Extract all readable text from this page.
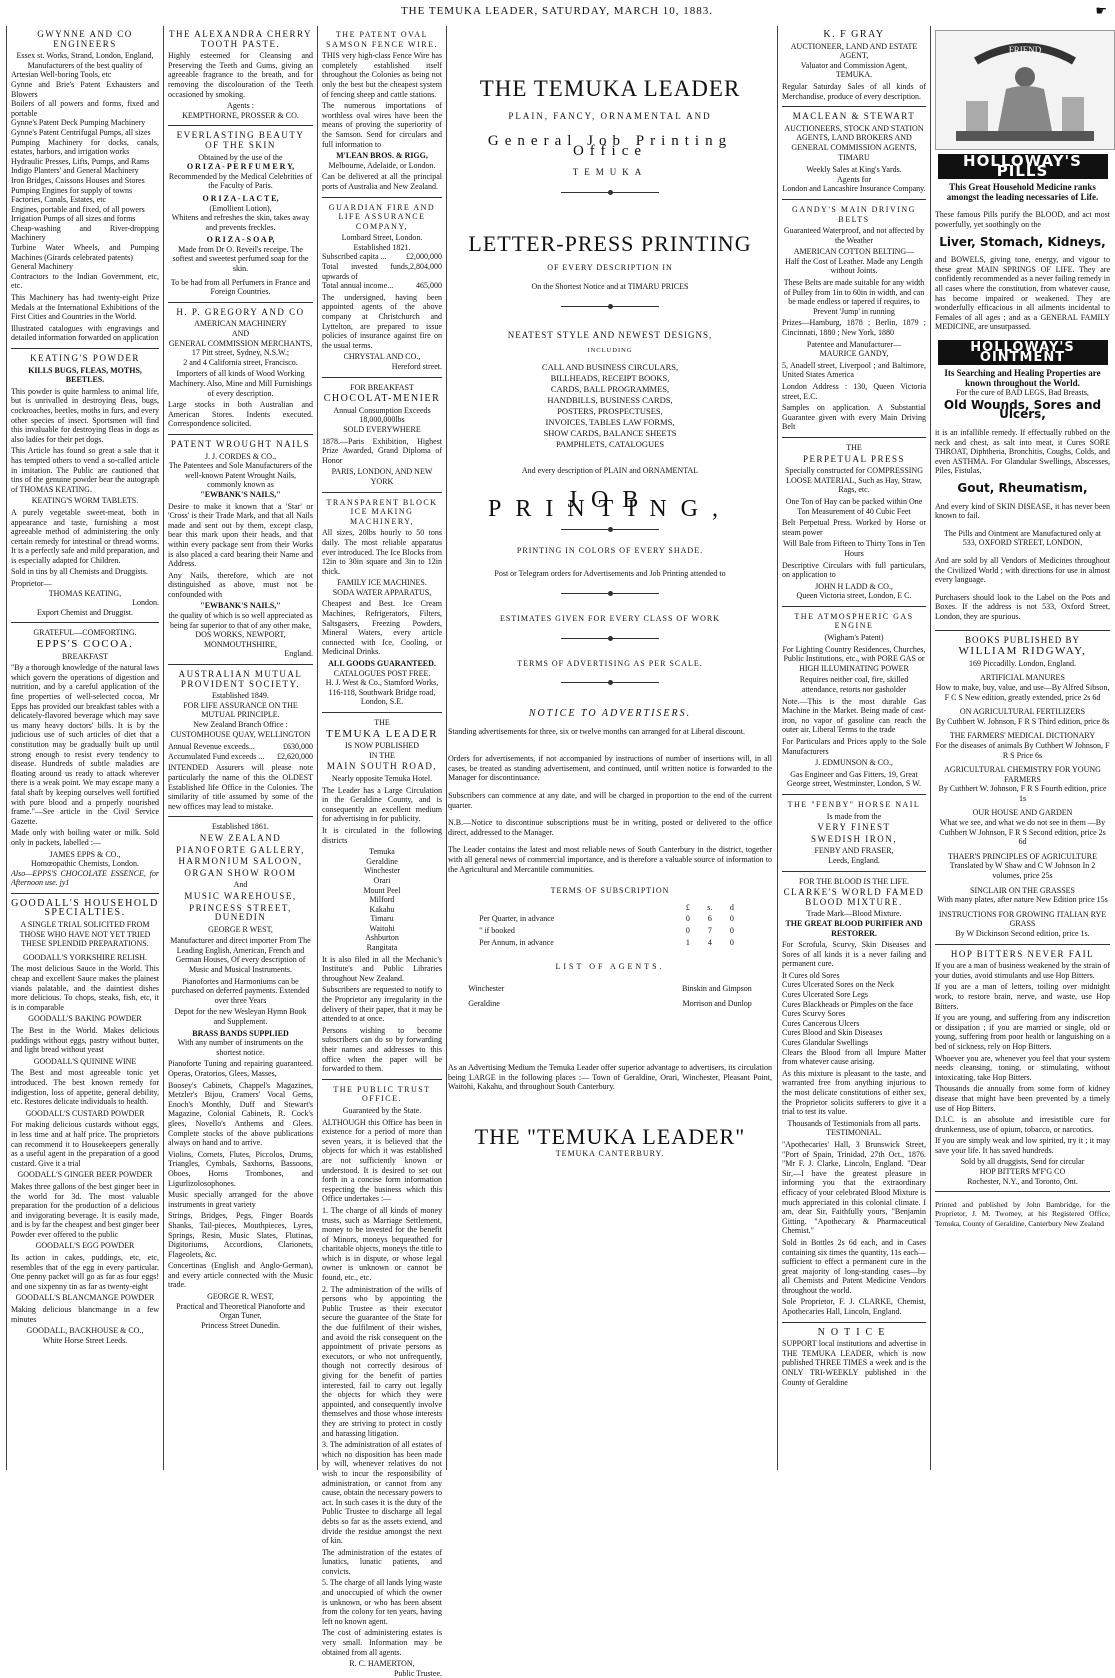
THE TEMUKA LEADER, SATURDAY, MARCH 10, 1883.	☛
GWYNNE AND CO ENGINEERS
Essex st. Works, Strand, London, England,
Manufacturers of the best quality of
Artesian Well-boring Tools, etc
Gynne and Brie's Patent Exhausters and Blowers
Boilers of all powers and forms, fixed and portable
Gynne's Patent Deck Pumping Machinery
Gynne's Patent Centrifugal Pumps, all sizes
Pumping Machinery for docks, canals, estates, harbors, and irrigation works
Hydraulic Presses, Lifts, Pumps, and Rams
Indigo Planters' and General Machinery
Iron Bridges, Caissons Houses and Stores
Pumping Engines for supply of towns
Factories, Canals, Estates, etc
Engines, portable and fixed, of all powers
Irrigation Pumps of all sizes and forms
Cheap-washing and River-dropping Machinery
Turbine Water Wheels, and Pumping Machines (Girards celebrated patents)
General Machinery
Contractors to the Indian Government, etc, etc.

This Machinery has had twenty-eight Prize Medals at the International Exhibitions of the First Cities and Countries in the World.

Illustrated catalogues with engravings and detailed information forwarded on application

KEATING'S POWDER
KILLS BUGS, FLEAS, MOTHS, BEETLES.

This powder is quite harmless to animal life, but is unrivalled in destroying fleas, bugs, cockroaches, beetles, moths in furs, and every other species of insect. Sportsmen will find this invaluable for destroying fleas in dogs as also ladies for their pet dogs.

This Article has found so great a sale that it has tempted others to vend a so-called article in imitation. The Public are cautioned that tins of the genuine powder bear the autograph of THOMAS KEATING.

KEATING'S WORM TABLETS.

A purely vegetable sweet-meat, both in appearance and taste, furnishing a most agreeable method of administering the only certain remedy for intestinal or thread worms. It is a perfectly safe and mild preparation, and is especially adapted for Children.

Sold in tins by all Chemists and Druggists.

Proprietor—
THOMAS KEATING,
London.
Export Chemist and Druggist.
GRATEFUL—COMFORTING.
EPPS'S COCOA.
BREAKFAST

"By a thorough knowledge of the natural laws which govern the operations of digestion and nutrition, and by a careful application of the fine properties of well-selected cocoa, Mr Epps has provided our breakfast tables with a delicately-flavored beverage which may save us many heavy doctors' bills. It is by the judicious use of such articles of diet that a constitution may be gradually built up until strong enough to resist every tendency to disease. Hundreds of subtle maladies are floating around us ready to attack wherever there is a weak point. We may escape many a fatal shaft by keeping ourselves well fortified with pure blood and a properly nourished frame."—See article in the Civil Service Gazette.

Made only with boiling water or milk. Sold only in packets, labelled :—

JAMES EPPS & CO.,
Homœopathic Chemists, London.
Also—EPPS'S CHOCOLATE ESSENCE, for Afternoon use. jy1
GOODALL'S HOUSEHOLD SPECIALTIES.
A SINGLE TRIAL SOLICITED FROM THOSE WHO HAVE NOT YET TRIED THESE SPLENDID PREPARATIONS.
GOODALL'S YORKSHIRE RELISH.

The most delicious Sauce in the World. This cheap and excellent Sauce makes the plainest viands palatable, and the daintiest dishes more delicious. To chops, steaks, fish, etc, it is in comparable

GOODALL'S BAKING POWDER

The Best in the World. Makes delicious puddings without eggs, pastry without butter, and light bread without yeast

GOODALL'S QUININE WINE

The Best and most agreeable tonic yet introduced. The best known remedy for indigestion, loss of appetite, general debility, etc. Restores delicate individuals to health.

GOODALL'S CUSTARD POWDER

For making delicious custards without eggs, in less time and at half price. The proprietors can recommend it to Housekeepers generally as a useful agent in the preparation of a good custard. Give it a trial

GOODALL'S GINGER BEER POWDER

Makes three gallons of the best ginger beer in the world for 3d. The most valuable preparation for the production of a delicious and invigorating beverage. It is easily made, and is by far the cheapest and best ginger beer Powder ever offered to the public

GOODALL'S EGG POWDER

Its action in cakes, puddings, etc, etc, resembles that of the egg in every particular. One penny packet will go as far as four eggs! and one sixpenny tin as far as twenty-eight

GOODALL'S BLANCMANGE POWDER

Making delicious blancmange in a few minutes

GOODALL, BACKHOUSE & CO.,
White Horse Street Leeds.
THE ALEXANDRA CHERRY TOOTH PASTE.

Highly esteemed for Cleansing and Preserving the Teeth and Gums, giving an agreeable fragrance to the breath, and for removing the discolouration of the Teeth occasioned by smoking.

Agents :
KEMPTHORNE, PROSSER & CO.
EVERLASTING BEAUTY OF THE SKIN
Obtained by the use of the
O R I Z A - P E R F U M E R Y,
Recommended by the Medical Celebrities of the Faculty of Paris.
O R I Z A - L A C T E,
(Emollient Lotion),
Whitens and refreshes the skin, takes away and prevents freckles.
O R I Z A - S O A P,
Made from Dr O. Reveil's receipe. The softest and sweetest perfumed soap for the skin.
To be had from all Perfumers in France and Foreign Countries.
H. P. GREGORY AND CO
AMERICAN MACHINERY
AND
GENERAL COMMISSION MERCHANTS,
17 Pitt street, Sydney, N.S.W.;
2 and 4 California street, Francisco.

Importers of all kinds of Wood Working Machinery. Also, Mine and Mill Furnishings of every description.

Large stocks in both Australian and American Stores. Indents executed. Correspondence solicited.

PATENT WROUGHT NAILS
J. J. CORDES & CO.,
The Patentees and Sole Manufacturers of the well-known Patent Wrought Nails, commonly known as
"EWBANK'S NAILS,"

Desire to make it known that a 'Star' or 'Cross' is their Trade Mark, and that all Nails made and sent out by them, except clasp, bear this mark upon their heads, and that within every package sent from their Works is also placed a card bearing their Name and Address.

Any Nails, therefore, which are not distinguished as above, must not be confounded with

"EWBANK'S NAILS,"
the quality of which is so well appreciated as being far superior to that of any other make,
DOS WORKS, NEWPORT,
MONMOUTHSHIRE,
England.
AUSTRALIAN MUTUAL PROVIDENT SOCIETY.
Established 1849.
FOR LIFE ASSURANCE ON THE MUTUAL PRINCIPLE.
New Zealand Branch Office :
CUSTOMHOUSE QUAY, WELLINGTON
Annual Revenue exceeds...	£630,000
Accumulated Fund exceeds ... £2,620,000

INTENDED Assurers will please note particularly the name of this the OLDEST Established life Office in the Colonies. The similarity of title assumed by some of the new offices may lead to mistake.

Established 1861.
NEW ZEALAND
PIANOFORTE GALLERY,
HARMONIUM SALOON,
ORGAN SHOW ROOM
And
MUSIC WAREHOUSE,
PRINCESS STREET, DUNEDIN
GEORGE R WEST,

Manufacturer and direct importer From The Leading English, American, French and German Houses, Of every description of Music and Musical Instruments.

Pianofortes and Harmoniums can be purchased on deferred payments. Extended over three Years

Depot for the new Wesleyan Hymn Book and Supplement.

BRASS BANDS SUPPLIED
With any number of instruments on the shortest notice.

Pianoforte Tuning and repairing guaranteed. Operas, Oratorios, Glees, Masses,

Boosey's Cabinets, Chappel's Magazines, Metzler's Bijou, Cramers' Vocal Gems, Enoch's Monthly, Duff and Stewart's Magazine, Colonial Cabinets, R. Cock's glees, Novello's Anthems and Glees. Complete stocks of the above publications always on hand and to arrive.

Violins, Cornets, Flutes, Piccolos, Drums, Triangles, Cymbals, Saxhorns, Bassoons, Oboes, Horns Trombones, and Ligurlizolosophones.

Music specially arranged for the above instruments in great variety

Strings, Bridges, Pegs, Finger Boards Shanks, Tail-pieces, Mouthpieces, Lyres, Springs, Resin, Music Slates, Flutinas, Digitoriums, Accordions, Clarionets, Flageolets, &c.

Concertinas (English and Anglo-German), and every article connected with the Music trade.

GEORGE R. WEST,
Practical and Theoretical Pianoforte and Organ Tuner,
Princess Street Dunedin.
THE PATENT OVAL SAMSON FENCE WIRE.

THIS very high-class Fence Wire has completely established itself throughout the Colonies as being not only the best but the cheapest system of fencing sheep and cattle stations.

The numerous importations of worthless oval wires have been the means of proving the superiority of the Samson. Send for circulars and full information to

M'LEAN BROS. & RIGG,
Melbourne, Adelaide, or London.

Can be delivered at all the principal ports of Australia and New Zealand.

GUARDIAN FIRE AND LIFE ASSURANCE COMPANY,
Lombard Street, London.
Established 1821.
Subscribed capita ... £2,000,000
Total invested funds, upwards of
2,804,000
Total annual income...	465,000

The undersigned, having been appointed agents of the above company at Christchurch and Lyttelton, are prepared to issue policies of insurance against fire on the usual terms.

CHRYSTAL AND CO.,
Hereford street.
FOR BREAKFAST
CHOCOLAT-MENIER
Annual Consumption Exceeds 18,000,000lbs
SOLD EVERYWHERE

1878.—Paris Exhibition, Highest Prize Awarded, Grand Diploma of Honor

PARIS, LONDON, AND NEW YORK
TRANSPARENT BLOCK ICE MAKING MACHINERY,

All sizes, 20lbs hourly to 50 tons daily. The most reliable apparatus ever introduced. The Ice Blocks from 12in to 30in square and 3in to 12in thick.

FAMILY ICE MACHINES.
SODA WATER APPARATUS,

Cheapest and Best. Ice Cream Machines, Refrigerators, Filters, Saltsgasers, Freezing Powders, Mineral Waters, every article connected with Ice, Cooling, or Medicinal Drinks.

ALL GOODS GUARANTEED.
CATALOGUES POST FREE.
H. J. West & Co., Stamford Works,
116-118, Southwark Bridge road, London, S.E.
THE
TEMUKA LEADER
IS NOW PUBLISHED
IN THE
MAIN SOUTH ROAD,
Nearly opposite Temuka Hotel.

The Leader has a Large Circulation in the Geraldine County, and is consequently an excellent medium for advertising in for publicity.

It is circulated in the following districts

Temuka
Geraldine
Winchester
Orari
Mount Peel
Milford
Kakahu
Timaru
Waitohi
Ashburton
Rangitata

It is also filed in all the Mechanic's Institute's and Public Libraries throughout New Zealand.

Subscribers are requested to notify to the Proprietor any irregularity in the delivery of their paper, that it may be attended to at once.

Persons wishing to become subscribers can do so by forwarding their names and addresses to this office when the paper will be forwarded to them.

THE PUBLIC TRUST OFFICE.
Guaranteed by the State.

ALTHOUGH this Office has been in existence for a period of more than seven years, it is believed that the objects for which it was established are not sufficiently known or understood. It is desired to set out forth in a concise form information respecting the business which this Office undertakes :—

1. The charge of all kinds of money trusts, such as Marriage Settlement, money to be invested for the benefit of Minors, moneys bequeathed for charitable objects, moneys the title to which is in dispute, or whose legal owner is unknown or cannot be found, etc., etc.

2. The administration of the wills of persons who by appointing the Public Trustee as their executor secure the guarantee of the State for the due fulfilment of their wishes, and avoid the risk consequent on the appointment of private persons as executors, or who not unfrequently, though not correctly desirous of giving for the benefit of parties interested, fail to carry out legally the objects for which they were appointed, and consequently involve themselves and those whose interests they are striving to protect in costly and harassing litigation.

3. The administration of all estates of which no disposition has been made by will, whenever relatives do not wish to incur the responsibility of administration, or cannot from any cause, obtain the necessary powers to act. In such cases it is the duty of the Public Trustee to discharge all legal debts so far as the assets extend, and divide the residue amongst the next of kin.

The administration of the estates of lunatics, lunatic patients, and convicts.

5. The charge of all lands lying waste and unoccupied of which the owner is unknown, or who has been absent from the colony for ten years, having left no known agent.

The cost of administering estates is very small. Information may be obtained from all agents.

R. C. HAMERTON,
Public Trustee.
THE TEMUKA LEADER
PLAIN, FANCY, ORNAMENTAL AND
General Job Printing Office
TEMUKA
LETTER-PRESS PRINTING
OF EVERY DESCRIPTION IN
On the Shortest Notice and at TIMARU PRICES
NEATEST STYLE AND NEWEST DESIGNS,
INCLUDING
CALL AND BUSINESS CIRCULARS,
BILLHEADS, RECEIPT BOOKS,
CARDS, BALL PROGRAMMES,
HANDBILLS, BUSINESS CARDS,
POSTERS, PROSPECTUSES,
INVOICES, TABLES LAW FORMS,
SHOW CARDS, BALANCE SHEETS
PAMPHLETS, CATALOGUES
And every description of PLAIN and ORNAMENTAL
JOB PRINTING,
PRINTING IN COLORS OF EVERY SHADE.
Post or Telegram orders for Advertisements and Job Printing attended to
ESTIMATES GIVEN FOR EVERY CLASS OF WORK
TERMS OF ADVERTISING AS PER SCALE.
NOTICE TO ADVERTISERS.

Standing advertisements for three, six or twelve months can arranged for at Liberal discount.

Orders for advertisements, if not accompanied by instructions of number of insertions will, in all cases, be treated as standing advertisement, and continued, until written notice is forwarded to the Manager for discontinuance.

Subscribers can commence at any date, and will be charged in proportion to the end of the current quarter.

N.B.—Notice to discontinue subscriptions must be in writing, posted or delivered to the office direct, addressed to the Manager.

The Leader contains the latest and most reliable news of South Canterbury in the district, together with all general news of commercial importance, and is therefore a valuable source of information to the Agricultural and Mercantile communities.

TERMS OF SUBSCRIPTION
	£	s.	d
Per Quarter, in advance	0	6	0
" if booked	0	7	0
Per Annum, in advance	1	4	0
LIST OF AGENTS.
Winchester	Binskin and Gimpson
Geraldine	Morrison and Dunlop

As an Advertising Medium the Temuka Leader offer superior advantage to advertisers, its circulation being LARGE in the following places :— Town of Geraldine, Orari, Winchester, Pleasant Point, Waitohi, Kakahu, and throughout South Canterbury.

THE "TEMUKA LEADER"
TEMUKA CANTERBURY.
K. F GRAY
AUCTIONEER, LAND AND ESTATE AGENT,
Valuator and Commission Agent, TEMUKA.

Regular Saturday Sales of all kinds of Merchandise, produce of every description.

MACLEAN & STEWART
AUCTIONEERS, STOCK AND STATION AGENTS, LAND BROKERS AND GENERAL COMMISSION AGENTS, TIMARU
Weekly Sales at King's Yards.
Agents for
London and Lancashire Insurance Company.
GANDY'S MAIN DRIVING BELTS

Guaranteed Waterproof, and not affected by the Weather

AMERICAN COTTON BELTING—
Half the Cost of Leather. Made any Length without Joints.

These Belts are made suitable for any width of Pulley from 1in to 60in in width, and can be made endless or tapered if requires, to Prevent 'Jump' in running

Prizes—Hamburg, 1878 ; Berlin, 1879 ; Cincinnati, 1880 ; New York, 1880

Patentee and Manufacturer—
MAURICE GANDY,

5, Anadell street, Liverpool ; and Baltimore, United States America

London Address : 130, Queen Victoria street, E.C.

Samples on application. A Substantial Guarantee given with every Main Driving Belt

THE
PERPETUAL PRESS

Specially constructed for COMPRESSING LOOSE MATERIAL, Such as Hay, Straw, Rags, etc.

One Ton of Hay can be packed within One Ton Measurement of 40 Cubic Feet

Belt Perpetual Press. Worked by Horse or steam power

Will Bale from Fifteen to Thirty Tons in Ten Hours

Descriptive Circulars with full particulars, on application to

JOHN H LADD & CO.,
Queen Victoria street, London, E C.
THE ATMOSPHERIC GAS ENGINE
(Wigham's Patent)

For Lighting Country Residences, Churches, Public Institutions, etc., with PORE GAS or HIGH ILLUMINATING POWER

Requires neither coal, fire, skilled attendance, retorts nor gasholder

Note.—This is the most durable Gas Machine in the Market. Being made of cast-iron, no vapor of gasoline can reach the outer air. Liberal Terms to the trade

For Particulars and Prices apply to the Sole Manufacturers

J. EDMUNSON & CO.,

Gas Engineer and Gas Fitters, 19, Great George street, Westminster, London, S W.

THE "FENBY" HORSE NAIL
Is made from the
VERY FINEST
SWEDISH IRON,
FENBY AND FRASER,
Leeds, England.
FOR THE BLOOD IS THE LIFE.
CLARKE'S WORLD FAMED BLOOD MIXTURE.
Trade Mark—Blood Mixture.
THE GREAT BLOOD PURIFIER AND RESTORER.

For Scrofula, Scurvy, Skin Diseases and Sores of all kinds it is a never failing and permanent cure.

It Cures old Sores
Cures Ulcerated Sores on the Neck
Cures Ulcerated Sore Legs
Cures Blackheads or Pimples on the face
Cures Scurvy Sores
Cures Cancerous Ulcers
Cures Blood and Skin Diseases
Cures Glandular Swellings
Clears the Blood from all Impure Matter from whatever cause arising.

As this mixture is pleasant to the taste, and warranted free from anything injurious to the most delicate constitutions of either sex, the Proprietor solicits sufferers to give it a trial to test its value.

Thousands of Testimonials from all parts.
TESTIMONIAL.

"Apothecaries' Hall, 3 Brunswick Street, "Port of Spain, Trinidad, 27th Oct., 1876. "Mr F. J. Clarke, Lincoln, England. "Dear Sir,—I have the greatest pleasure in informing you that the extraordinary efficacy of your celebrated Blood Mixture is much appreciated in this colonial climate. I am, dear Sir, Faithfully yours, "Benjamin Gitting. "Apothecary & Pharmaceutical Chemist."

Sold in Bottles 2s 6d each, and in Cases containing six times the quantity, 11s each—sufficient to effect a permanent cure in the great majority of long-standing cases—by all Chemists and Patent Medicine Vendors throughout the world.

Sole Proprietor, F. J. CLARKE, Chemist, Apothecaries Hall, Lincoln, England.

NOTICE

SUPPORT local institutions and advertise in THE TEMUKA LEADER, which is now published THREE TIMES a week and is the ONLY TRI-WEEKLY published in the County of Geraldine

FRIEND
HOLLOWAY'S PILLS
This Great Household Medicine ranks amongst the leading necessaries of Life.

These famous Pills purify the BLOOD, and act most powerfully, yet soothingly on the

Liver, Stomach, Kidneys,

and BOWELS, giving tone, energy, and vigour to these great MAIN SPRINGS OF LIFE. They are confidently recommended as a never failing remedy in all cases where the constitution, from whatever cause, has become impaired or weakened. They are wonderfully efficacious in all ailments incidental to Females of all ages ; and as a GENERAL FAMILY MEDICINE, are unsurpassed.

HOLLOWAY'S OINTMENT
Its Searching and Healing Properties are known throughout the World.
For the cure of BAD LEGS, Bad Breasts,
Old Wounds, Sores and Ulcers,

it is an infallible remedy. If effectually rubbed on the neck and chest, as salt into meat, it Cures SORE THROAT, Diphtheria, Bronchitis, Coughs, Colds, and even ASTHMA. For Glandular Swellings, Abscesses, Piles, Fistulas,

Gout, Rheumatism,

And every kind of SKIN DISEASE, it has never been known to fail.

The Pills and Ointment are Manufactured only at
533, OXFORD STREET, LONDON,

And are sold by all Vendors of Medicines throughout the Civilized World ; with directions for use in almost every language.

Purchasers should look to the Label on the Pots and Boxes. If the address is not 533, Oxford Street, London, they are spurious.

BOOKS PUBLISHED BY
WILLIAM RIDGWAY,
169 Piccadilly. London, England.
ARTIFICIAL MANURES
How to make, buy, value, and use—By Alfred Sibson, F C S New edition, greatly extended, price 2s 6d
ON AGRICULTURAL FERTILIZERS
By Cuthbert W. Johnson, F R S Third edition, price 8s
THE FARMERS' MEDICAL DICTIONARY
For the diseases of animals By Cuthbert W Johnson, F R S Price 6s
AGRICULTURAL CHEMISTRY FOR YOUNG FARMERS
By Cuthbert W. Johnson, F R S Fourth edition, price 1s
OUR HOUSE AND GARDEN
What we see, and what we do not see in them —By Cuthbert W Johnson, F R S Second edition, price 2s 6d
THAER'S PRINCIPLES OF AGRICULTURE
Translated by W Shaw and C W Johnson In 2 volumes, price 25s
SINCLAIR ON THE GRASSES
With many plates, after nature New Edition price 15s
INSTRUCTIONS FOR GROWING ITALIAN RYE GRASS
By W Dickinson Second edition, price 1s.
HOP BITTERS NEVER FAIL

If you are a man of business weakened by the strain of your duties, avoid stimulants and use Hop Bitters.

If you are a man of letters, toiling over midnight work, to restore brain, nerve, and waste, use Hop Bitters.

If you are young, and suffering from any indiscretion or dissipation ; if you are married or single, old or young, suffering from poor health or languishing on a bed of sickness, rely on Hop Bitters.

Whoever you are, whenever you feel that your system needs cleansing, toning, or stimulating, without intoxicating, take Hop Bitters.

Thousands die annually from some form of kidney disease that might have been prevented by a timely use of Hop Bitters.

D.I.C. is an absolute and irresistible cure for drunkenness, use of opium, tobacco, or narcotics.

If you are simply weak and low spirited, try it ; it may save your life. It has saved hundreds.

Sold by all druggists, Send for circular
HOP BITTERS M'F'G CO
Rochester, N.Y., and Toronto, Ont.

Printed and published by John Bambridge, for the Proprietor, J. M. Twomey, at his Registered Office, Temuka, County of Geraldine, Canterbury New Zealand
